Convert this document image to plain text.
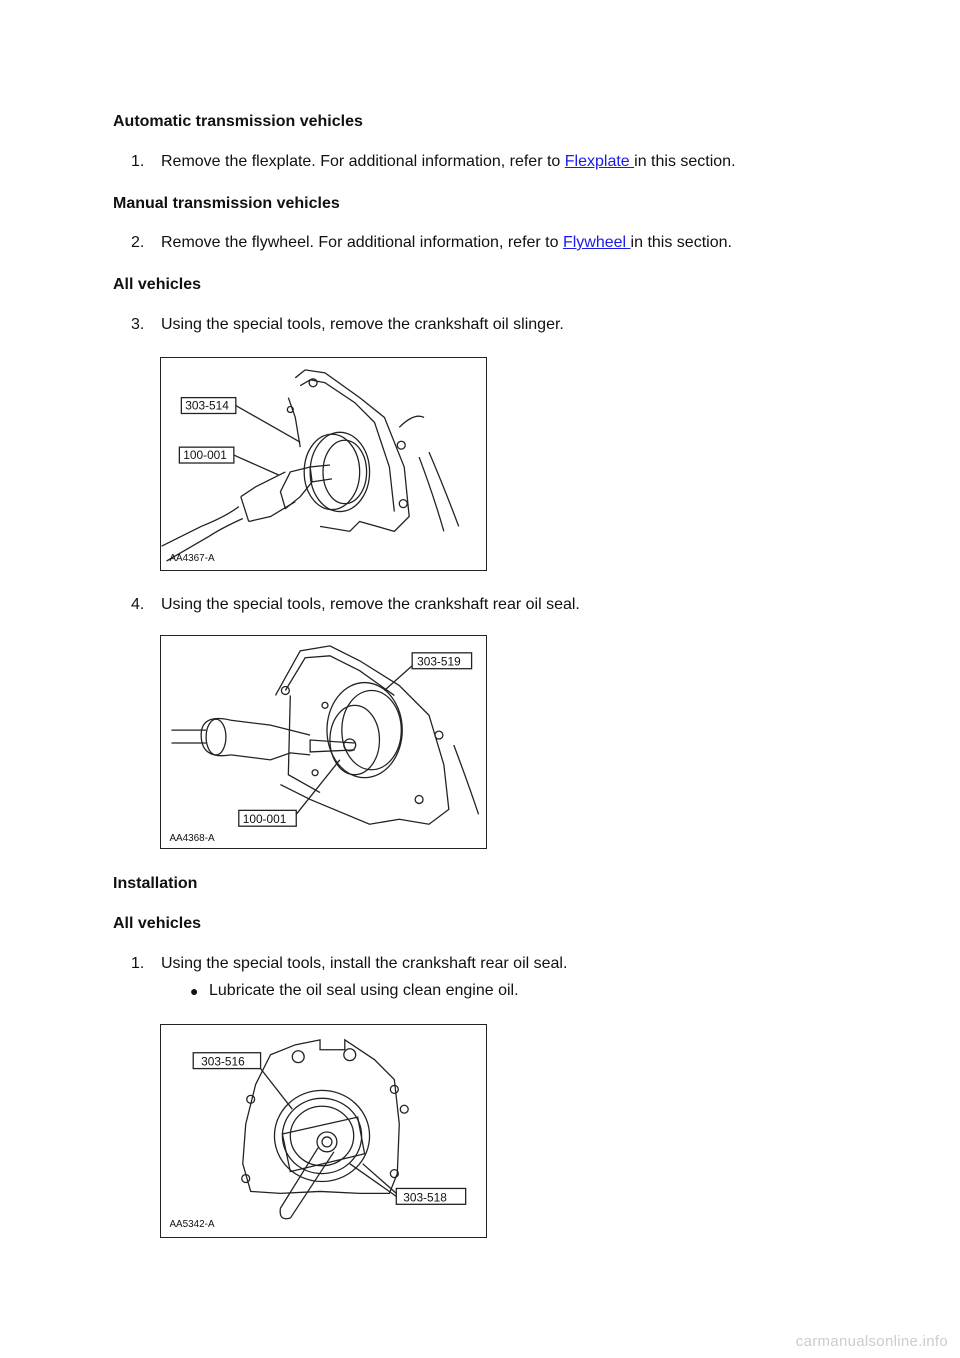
Automatic transmission vehicles
1. Remove the flexplate. For additional information, refer to Flexplate in this section.
Manual transmission vehicles
2. Remove the flywheel. For additional information, refer to Flywheel in this section.
All vehicles
3. Using the special tools, remove the crankshaft oil slinger.
303-514
100-001
AA4367-A
4. Using the special tools, remove the crankshaft rear oil seal.
303-519
100-001
AA4368-A
Installation
All vehicles
1. Using the special tools, install the crankshaft rear oil seal.
● Lubricate the oil seal using clean engine oil.
303-516
303-518
AA5342-A
carmanualsonline.info
